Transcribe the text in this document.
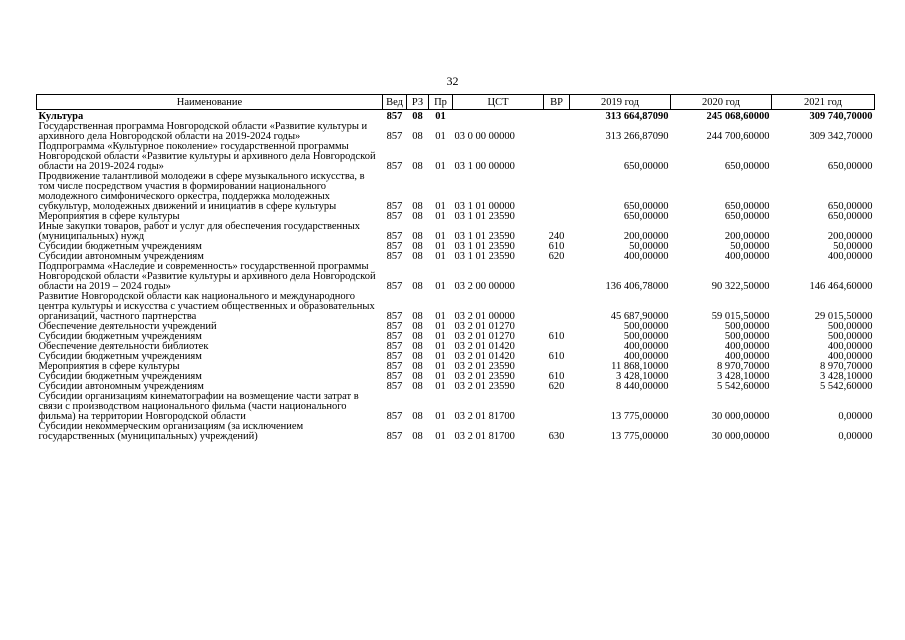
32
Наименование	Вед	РЗ	Пр	ЦСТ	ВР	2019 год	2020 год	2021 год
Культура	857	08	01			313 664,87090	245 068,60000	309 740,70000
Государственная программа Новгородской области «Развитие культуры и архивного дела Новгородской области на 2019-2024 годы»	857	08	01	03 0 00 00000		313 266,87090	244 700,60000	309 342,70000
Подпрограмма «Культурное поколение» государственной программы Новгородской области «Развитие культуры и архивного дела Новгородской области на 2019-2024 годы»	857	08	01	03 1 00 00000		650,00000	650,00000	650,00000
Продвижение талантливой молодежи в сфере музыкального искусства, в том числе посредством участия в формировании национального молодежного симфонического оркестра, поддержка молодежных субкультур, молодежных движений и инициатив в сфере культуры	857	08	01	03 1 01 00000		650,00000	650,00000	650,00000
Мероприятия в сфере культуры	857	08	01	03 1 01 23590		650,00000	650,00000	650,00000
Иные закупки товаров, работ и услуг для обеспечения государственных (муниципальных) нужд	857	08	01	03 1 01 23590	240	200,00000	200,00000	200,00000
Субсидии бюджетным учреждениям	857	08	01	03 1 01 23590	610	50,00000	50,00000	50,00000
Субсидии автономным учреждениям	857	08	01	03 1 01 23590	620	400,00000	400,00000	400,00000
Подпрограмма «Наследие и современность» государственной программы Новгородской области «Развитие культуры и архивного дела Новгородской области на 2019 – 2024 годы»	857	08	01	03 2 00 00000		136 406,78000	90 322,50000	146 464,60000
Развитие Новгородской области как национального и международного центра культуры и искусства с участием общественных и образовательных организаций, частного партнерства	857	08	01	03 2 01 00000		45 687,90000	59 015,50000	29 015,50000
Обеспечение деятельности учреждений	857	08	01	03 2 01 01270		500,00000	500,00000	500,00000
Субсидии бюджетным учреждениям	857	08	01	03 2 01 01270	610	500,00000	500,00000	500,00000
Обеспечение деятельности библиотек	857	08	01	03 2 01 01420		400,00000	400,00000	400,00000
Субсидии бюджетным учреждениям	857	08	01	03 2 01 01420	610	400,00000	400,00000	400,00000
Мероприятия в сфере культуры	857	08	01	03 2 01 23590		11 868,10000	8 970,70000	8 970,70000
Субсидии бюджетным учреждениям	857	08	01	03 2 01 23590	610	3 428,10000	3 428,10000	3 428,10000
Субсидии автономным учреждениям	857	08	01	03 2 01 23590	620	8 440,00000	5 542,60000	5 542,60000
Субсидии организациям кинематографии на возмещение части затрат в связи с производством национального фильма (части национального фильма) на территории Новгородской области	857	08	01	03 2 01 81700		13 775,00000	30 000,00000	0,00000
Субсидии некоммерческим организациям (за исключением государственных (муниципальных) учреждений)	857	08	01	03 2 01 81700	630	13 775,00000	30 000,00000	0,00000
